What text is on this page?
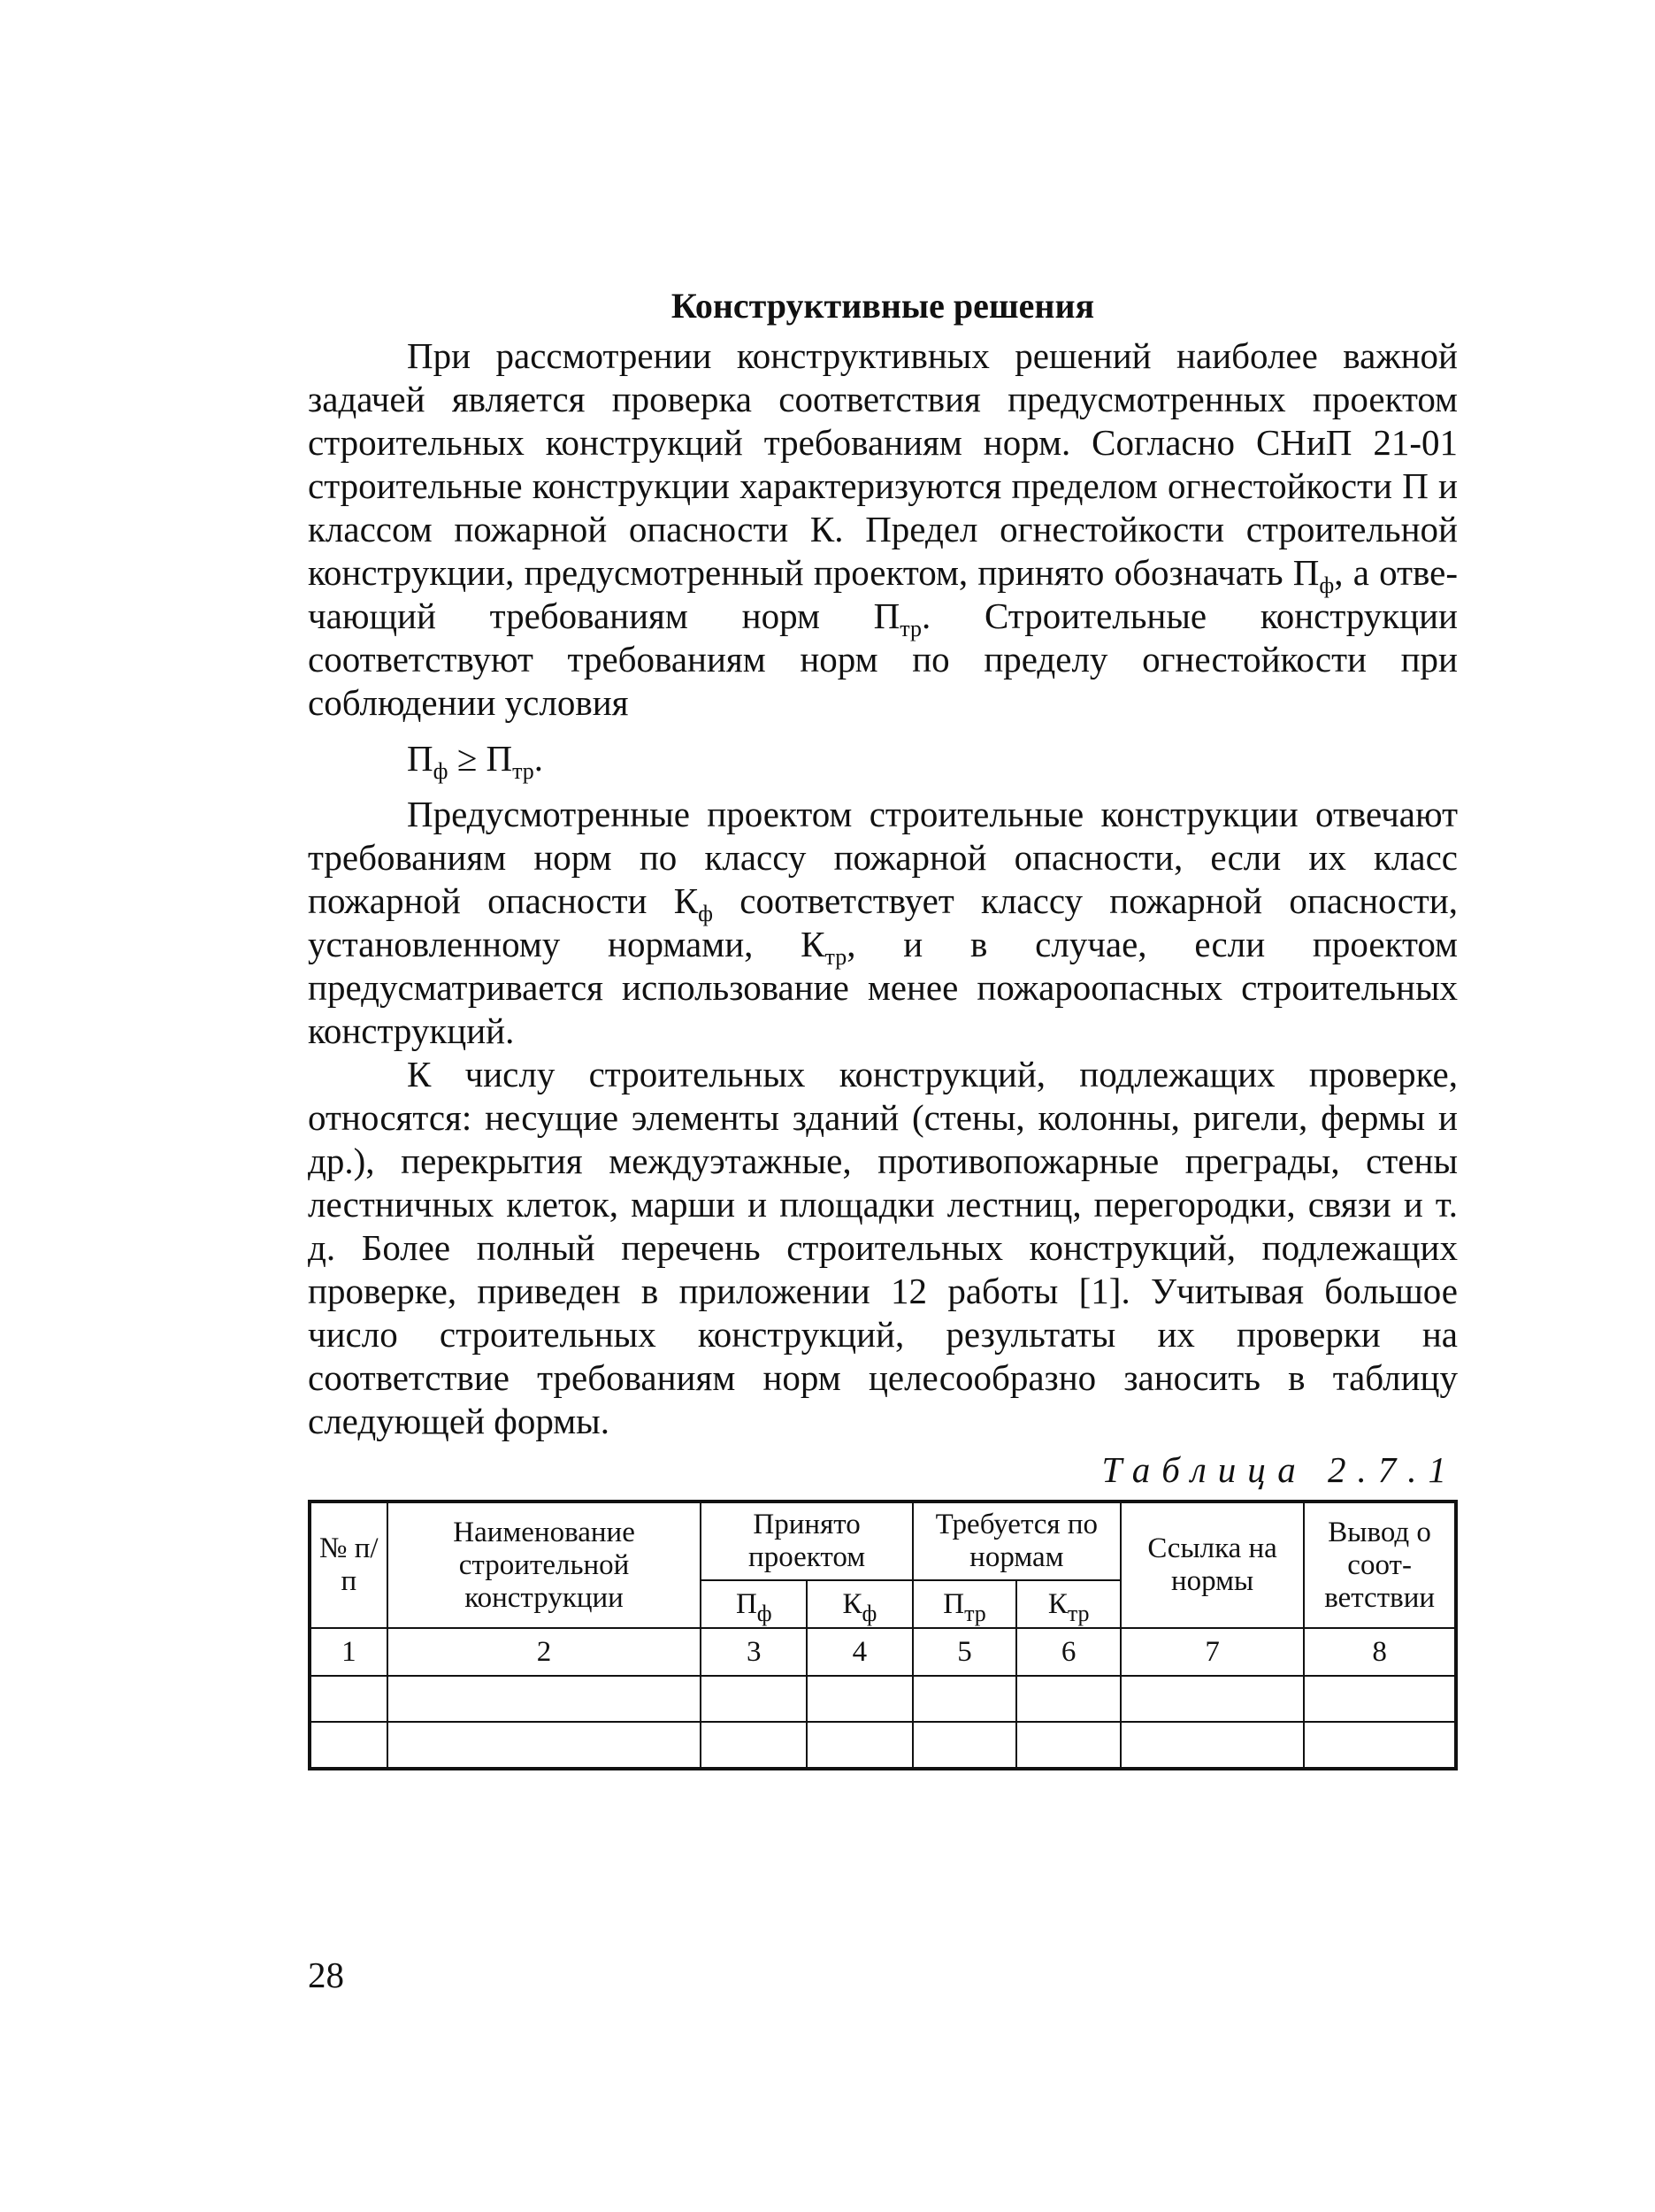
Конструктивные решения

При рассмотрении конструктивных решений наиболее важной задачей является проверка соответствия предусмотренных проектом строительных конструкций требованиям норм. Согласно СНиП 21-01 строительные конструкции характеризуются пределом огнестойкости П и классом пожарной опасности К. Предел огнестойкости строительной конструкции, предусмотренный проектом, принято обозначать $П_ф$, а отвечающий требованиям норм $П_{тр}$. Строительные конструкции соответствуют требованиям норм по пределу огнестойкости при соблюдении условия

$П_ф \ge П_{тр}$.

Предусмотренные проектом строительные конструкции отвечают требованиям норм по классу пожарной опасности, если их класс пожарной опасности $К_ф$ соответствует классу пожарной опасности, установленному нормами, $К_{тр}$, и в случае, если проектом предусматривается использование менее пожароопасных строительных конструкций.

К числу строительных конструкций, подлежащих проверке, относятся: несущие элементы зданий (стены, колонны, ригели, фермы и др.), перекрытия междуэтажные, противопожарные преграды, стены лестничных клеток, марши и площадки лестниц, перегородки, связи и т. д. Более полный перечень строительных конструкций, подлежащих проверке, приведен в приложении 12 работы [1]. Учитывая большое число строительных конструкций, результаты их проверки на соответствие требованиям норм целесообразно заносить в таблицу следующей формы.

Таблица 2.7.1
№ п/п	Наименование строительной конструкции	Принято проектом		Требуется по нормам		Ссылка на нормы	Вывод о соответствии
		$П_ф$	$К_ф$	$П_{тр}$	$К_{тр}$
1	2	3	4	5	6	7	8

28
